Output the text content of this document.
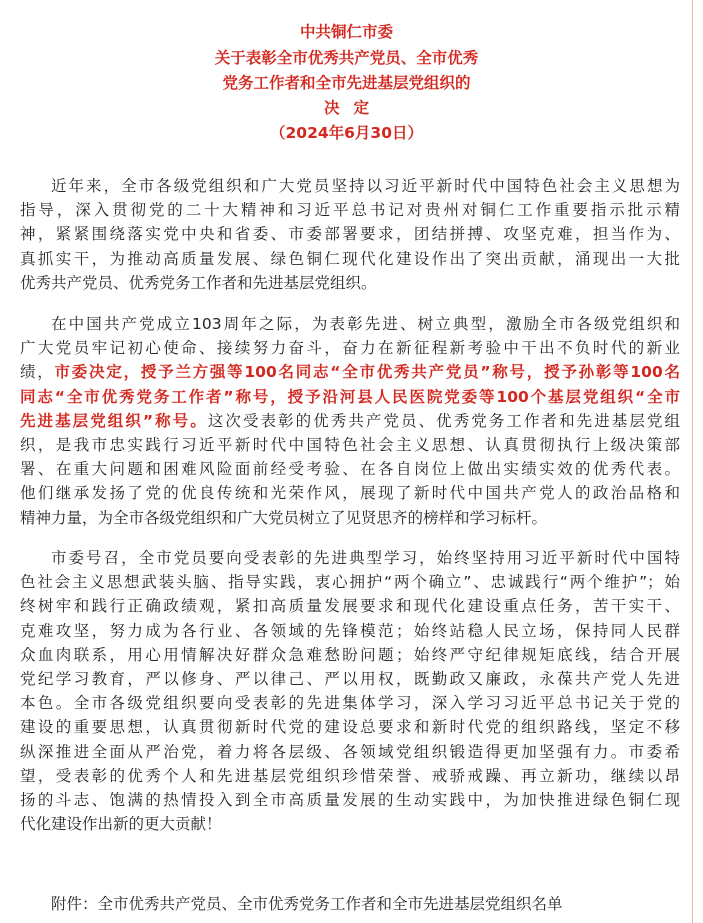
中共铜仁市委
关于表彰全市优秀共产党员、全市优秀
党务工作者和全市先进基层党组织的
决定
（2024年6月30日）
近年来，全市各级党组织和广大党员坚持以习近平新时代中国特色社会主义思想为
指导，深入贯彻党的二十大精神和习近平总书记对贵州对铜仁工作重要指示批示精
神，紧紧围绕落实党中央和省委、市委部署要求，团结拼搏、攻坚克难，担当作为、
真抓实干，为推动高质量发展、绿色铜仁现代化建设作出了突出贡献，涌现出一大批
优秀共产党员、优秀党务工作者和先进基层党组织。
在中国共产党成立103周年之际，为表彰先进、树立典型，激励全市各级党组织和
广大党员牢记初心使命、接续努力奋斗，奋力在新征程新考验中干出不负时代的新业
绩，市委决定，授予兰方强等100名同志“全市优秀共产党员”称号，授予孙彰等100名
同志“全市优秀党务工作者”称号，授予沿河县人民医院党委等100个基层党组织“全市
先进基层党组织”称号。这次受表彰的优秀共产党员、优秀党务工作者和先进基层党组
织，是我市忠实践行习近平新时代中国特色社会主义思想、认真贯彻执行上级决策部
署、在重大问题和困难风险面前经受考验、在各自岗位上做出实绩实效的优秀代表。
他们继承发扬了党的优良传统和光荣作风，展现了新时代中国共产党人的政治品格和
精神力量，为全市各级党组织和广大党员树立了见贤思齐的榜样和学习标杆。
市委号召，全市党员要向受表彰的先进典型学习，始终坚持用习近平新时代中国特
色社会主义思想武装头脑、指导实践，衷心拥护“两个确立”、忠诚践行“两个维护”；始
终树牢和践行正确政绩观，紧扣高质量发展要求和现代化建设重点任务，苦干实干、
克难攻坚，努力成为各行业、各领域的先锋模范；始终站稳人民立场，保持同人民群
众血肉联系，用心用情解决好群众急难愁盼问题；始终严守纪律规矩底线，结合开展
党纪学习教育，严以修身、严以律己、严以用权，既勤政又廉政，永葆共产党人先进
本色。全市各级党组织要向受表彰的先进集体学习，深入学习习近平总书记关于党的
建设的重要思想，认真贯彻新时代党的建设总要求和新时代党的组织路线，坚定不移
纵深推进全面从严治党，着力将各层级、各领域党组织锻造得更加坚强有力。市委希
望，受表彰的优秀个人和先进基层党组织珍惜荣誉、戒骄戒躁、再立新功，继续以昂
扬的斗志、饱满的热情投入到全市高质量发展的生动实践中，为加快推进绿色铜仁现
代化建设作出新的更大贡献！
附件：全市优秀共产党员、全市优秀党务工作者和全市先进基层党组织名单
